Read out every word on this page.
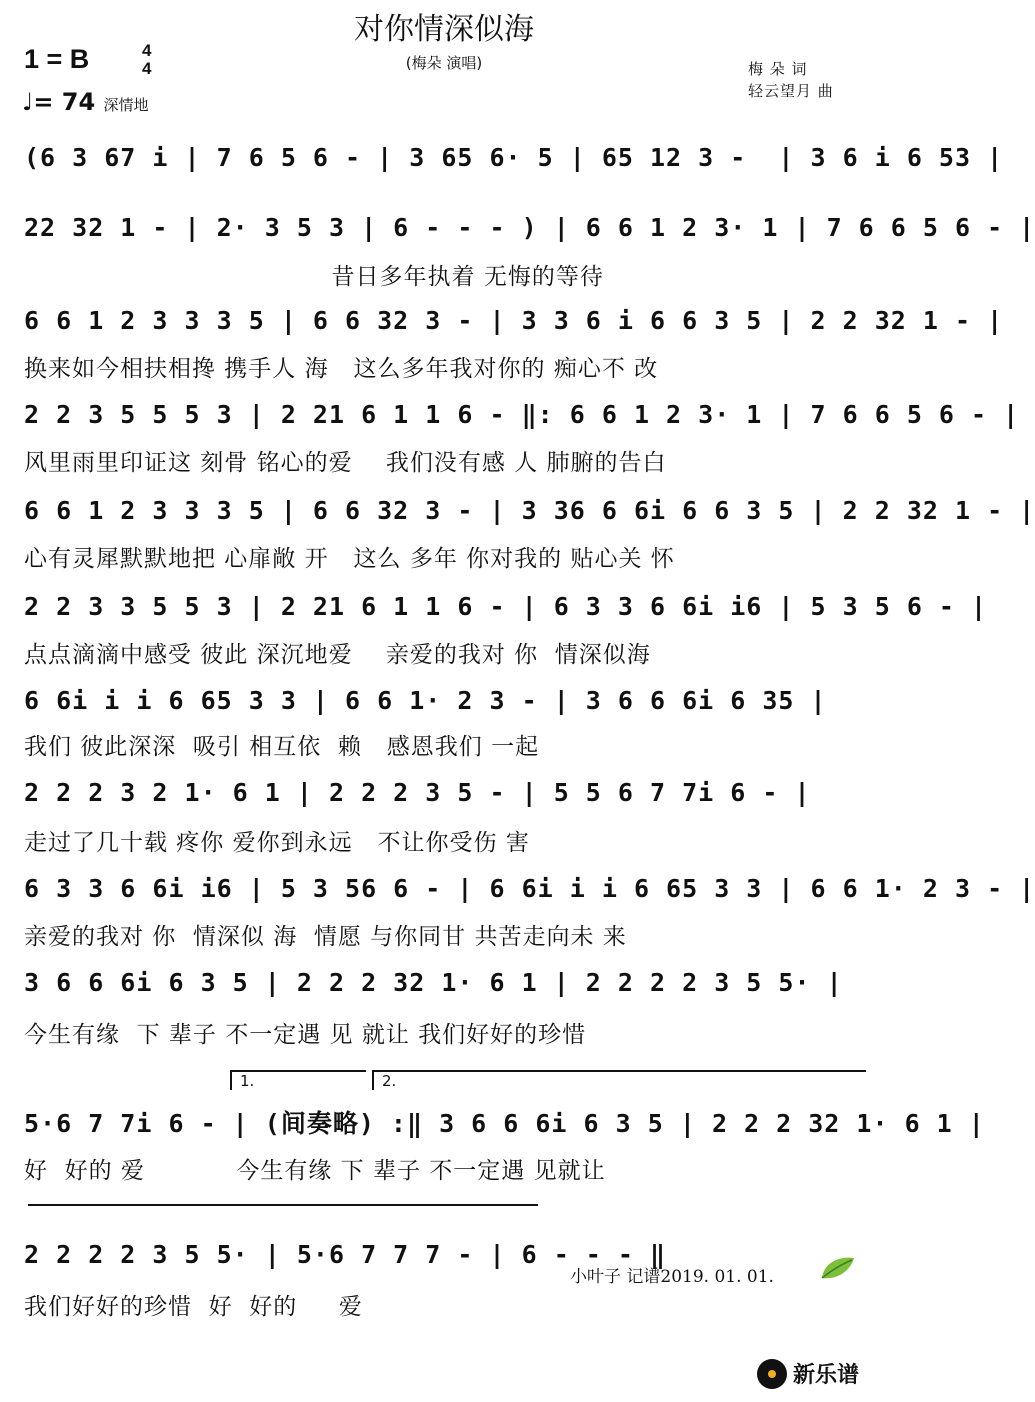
对你情深似海
(梅朵 演唱)
1 = B	4
4
♩= 74 深情地
梅 朵 词
轻云望月 曲
(6 3 67 i | 7 6 5 6 - | 3 65 6· 5 | 65 12 3 -  | 3 6 i 6 53 |
22 32 1 - | 2· 3 5 3 | 6 - - - ) | 6 6 1 2 3· 1 | 7 6 6 5 6 - |
昔日多年执着 无悔的等待
6 6 1 2 3 3 3 5 | 6 6 32 3 - | 3 3 6 i 6 6 3 5 | 2 2 32 1 - |
换来如今相扶相搀 携手人 海   这么多年我对你的 痴心不 改
2 2 3 5 5 5 3 | 2 21 6 1 1 6 - ‖: 6 6 1 2 3· 1 | 7 6 6 5 6 - |
风里雨里印证这 刻骨 铭心的爱    我们没有感 人 肺腑的告白
6 6 1 2 3 3 3 5 | 6 6 32 3 - | 3 36 6 6i 6 6 3 5 | 2 2 32 1 - |
心有灵犀默默地把 心扉敞 开   这么 多年 你对我的 贴心关 怀
2 2 3 3 5 5 3 | 2 21 6 1 1 6 - | 6 3 3 6 6i i6 | 5 3 5 6 - |
点点滴滴中感受 彼此 深沉地爱    亲爱的我对 你  情深似海
6 6i i i 6 65 3 3 | 6 6 1· 2 3 - | 3 6 6 6i 6 35 |
我们 彼此深深  吸引 相互依  赖   感恩我们 一起
2 2 2 3 2 1· 6 1 | 2 2 2 3 5 - | 5 5 6 7 7i 6 - |
走过了几十载 疼你 爱你到永远   不让你受伤 害
6 3 3 6 6i i6 | 5 3 56 6 - | 6 6i i i 6 65 3 3 | 6 6 1· 2 3 - |
亲爱的我对 你  情深似 海  情愿 与你同甘 共苦走向未 来
3 6 6 6i 6 3 5 | 2 2 2 32 1· 6 1 | 2 2 2 2 3 5 5· |
今生有缘  下 辈子 不一定遇 见 就让 我们好好的珍惜
1.	2.
5·6 7 7i 6 - | (间奏略) :‖ 3 6 6 6i 6 3 5 | 2 2 2 32 1· 6 1 |
好  好的 爱           今生有缘 下 辈子 不一定遇 见就让
2 2 2 2 3 5 5· | 5·6 7 7 7 - | 6 - - - ‖
我们好好的珍惜  好  好的     爱
小叶子 记谱2019. 01. 01.
新乐谱
